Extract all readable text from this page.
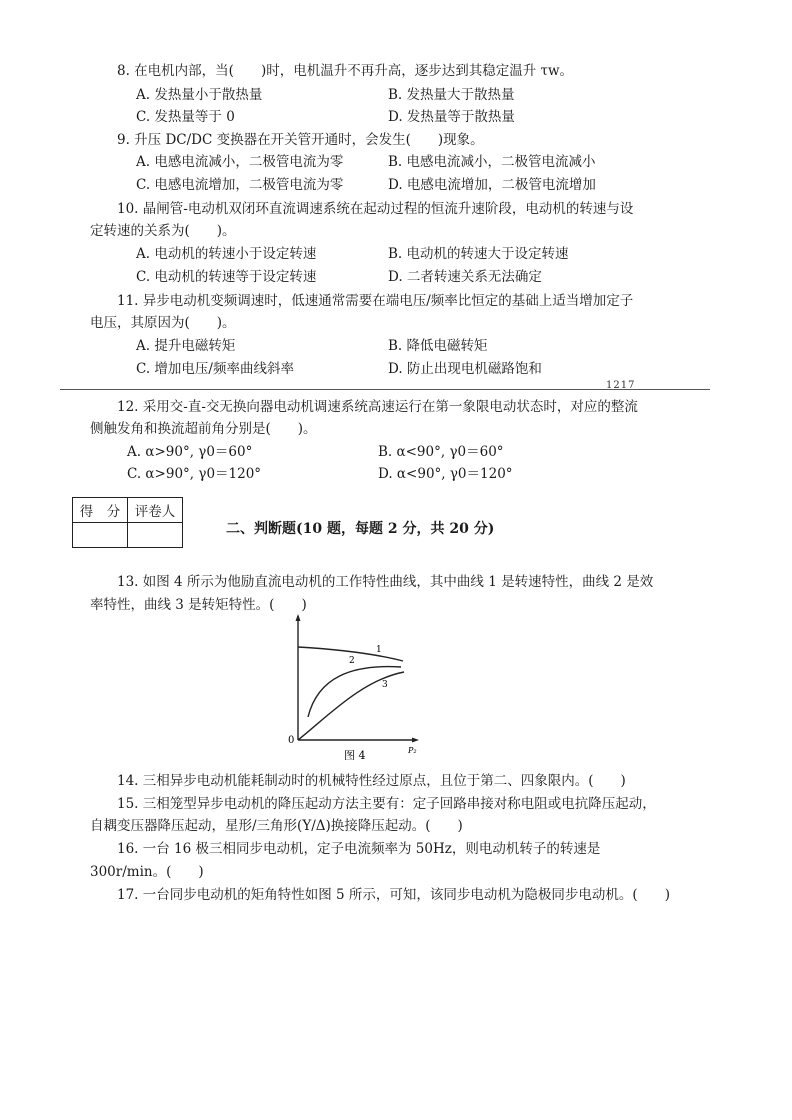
8. 在电机内部，当(　　)时，电机温升不再升高，逐步达到其稳定温升 τw。
A. 发热量小于散热量	B. 发热量大于散热量
C. 发热量等于 0	D. 发热量等于散热量
9. 升压 DC/DC 变换器在开关管开通时，会发生(　　)现象。
A. 电感电流减小，二极管电流为零	B. 电感电流减小，二极管电流减小
C. 电感电流增加，二极管电流为零	D. 电感电流增加，二极管电流增加
10. 晶闸管-电动机双闭环直流调速系统在起动过程的恒流升速阶段，电动机的转速与设
定转速的关系为(　　)。
A. 电动机的转速小于设定转速	B. 电动机的转速大于设定转速
C. 电动机的转速等于设定转速	D. 二者转速关系无法确定
11. 异步电动机变频调速时，低速通常需要在端电压/频率比恒定的基础上适当增加定子
电压，其原因为(　　)。
A. 提升电磁转矩	B. 降低电磁转矩
C. 增加电压/频率曲线斜率	D. 防止出现电机磁路饱和
1217
12. 采用交-直-交无换向器电动机调速系统高速运行在第一象限电动状态时，对应的整流
侧触发角和换流超前角分别是(　　)。
A. α>90°, γ0＝60°	B. α<90°, γ0＝60°
C. α>90°, γ0＝120°	D. α<90°, γ0＝120°
得　分	评卷人

二、判断题(10 题，每题 2 分，共 20 分)
13. 如图 4 所示为他励直流电动机的工作特性曲线，其中曲线 1 是转速特性，曲线 2 是效
率特性，曲线 3 是转矩特性。(　　)
1
2
3
0
P₂
图 4
14. 三相异步电动机能耗制动时的机械特性经过原点，且位于第二、四象限内。(　　)
15. 三相笼型异步电动机的降压起动方法主要有：定子回路串接对称电阻或电抗降压起动，
自耦变压器降压起动，星形/三角形(Y/Δ)换接降压起动。(　　)
16. 一台 16 极三相同步电动机，定子电流频率为 50Hz，则电动机转子的转速是
300r/min。(　　)
17. 一台同步电动机的矩角特性如图 5 所示，可知，该同步电动机为隐极同步电动机。(　　)
